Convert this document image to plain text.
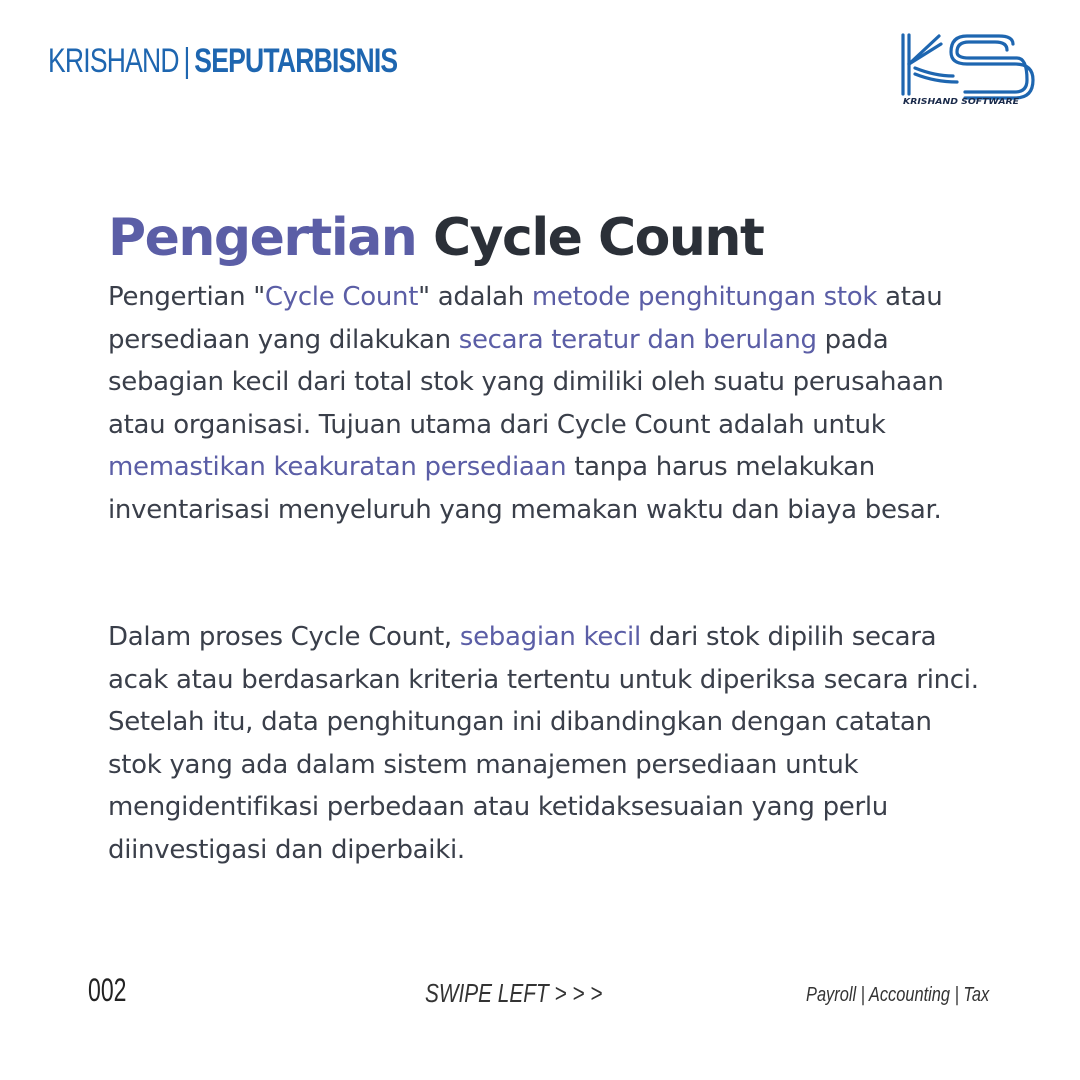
KRISHAND | SEPUTARBISNIS
KRISHAND SOFTWARE
Pengertian Cycle Count
Pengertian "Cycle Count" adalah metode penghitungan stok atau persediaan yang dilakukan secara teratur dan berulang pada sebagian kecil dari total stok yang dimiliki oleh suatu perusahaan atau organisasi. Tujuan utama dari Cycle Count adalah untuk memastikan keakuratan persediaan tanpa harus melakukan inventarisasi menyeluruh yang memakan waktu dan biaya besar.
Dalam proses Cycle Count, sebagian kecil dari stok dipilih secara acak atau berdasarkan kriteria tertentu untuk diperiksa secara rinci. Setelah itu, data penghitungan ini dibandingkan dengan catatan stok yang ada dalam sistem manajemen persediaan untuk mengidentifikasi perbedaan atau ketidaksesuaian yang perlu diinvestigasi dan diperbaiki.
002	SWIPE LEFT > > >	Payroll | Accounting | Tax
